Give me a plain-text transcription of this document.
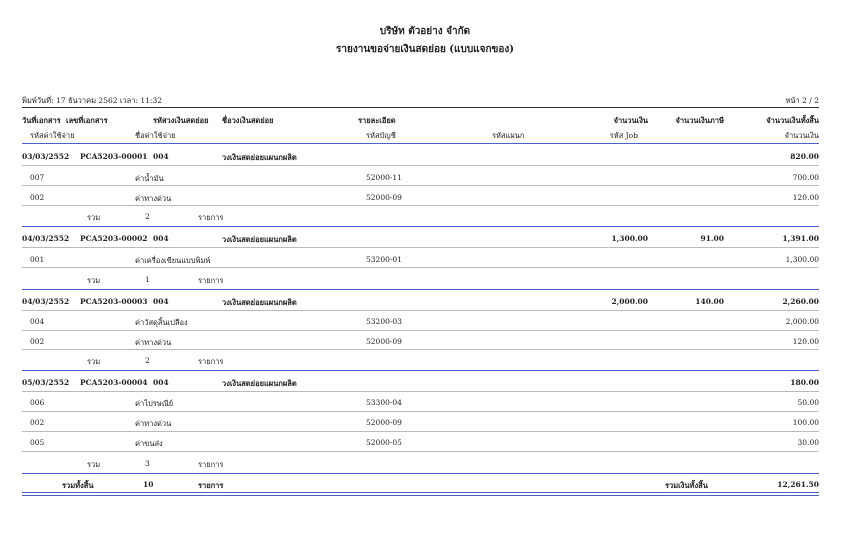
บริษัท ตัวอย่าง จำกัด
รายงานขอจ่ายเงินสดย่อย (แบบแจกของ)
พิมพ์วันที่: 17 ธันวาคม 2562 เวลา: 11:32	หน้า 2 / 2
วันที่เอกสาร เลขที่เอกสาร	รหัสวงเงินสดย่อย ชื่อวงเงินสดย่อย	รายละเอียด	จำนวนเงิน	จำนวนเงินภาษี	จำนวนเงินทั้งสิ้น
รหัสค่าใช้จ่าย	ชื่อค่าใช้จ่าย	รหัสบัญชี	รหัสแผนก	รหัส Job	จำนวนเงิน
03/03/2552 PCA5203-00001 004	วงเงินสดย่อยแผนกผลิต	820.00
007	ค่าน้ำมัน	52000-11	700.00
002	ค่าทางด่วน	52000-09	120.00
รวม	2	รายการ
04/03/2552 PCA5203-00002 004	วงเงินสดย่อยแผนกผลิต	1,300.00	91.00	1,391.00
001	ค่าเครื่องเขียนแบบพิมพ์	53200-01	1,300.00
รวม	1	รายการ
04/03/2552 PCA5203-00003 004	วงเงินสดย่อยแผนกผลิต	2,000.00	140.00	2,260.00
004	ค่าวัสดุสิ้นเปลือง	53200-03	2,000.00
002	ค่าทางด่วน	52000-09	120.00
รวม	2	รายการ
05/03/2552 PCA5203-00004 004	วงเงินสดย่อยแผนกผลิต	180.00
006	ค่าไปรษณีย์	53300-04	50.00
002	ค่าทางด่วน	52000-09	100.00
005	ค่าขนส่ง	52000-05	30.00
รวม	3	รายการ
รวมทั้งสิ้น	10	รายการ	รวมเงินทั้งสิ้น	12,261.50
